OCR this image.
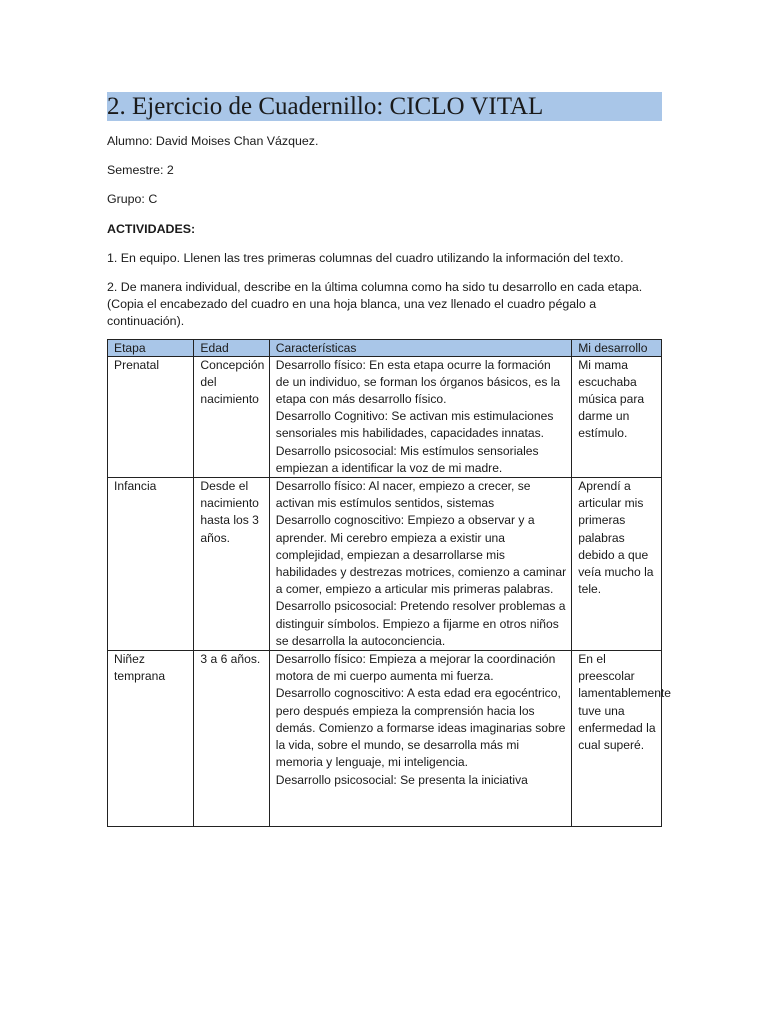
2. Ejercicio de Cuadernillo: CICLO VITAL
Alumno: David Moises Chan Vázquez.
Semestre: 2
Grupo: C
ACTIVIDADES:
1. En equipo. Llenen las tres primeras columnas del cuadro utilizando la información del texto.
2. De manera individual, describe en la última columna como ha sido tu desarrollo en cada etapa. (Copia el encabezado del cuadro en una hoja blanca, una vez llenado el cuadro pégalo a continuación).
Etapa	Edad	Características	Mi desarrollo
Prenatal	Concepción del nacimiento	Desarrollo físico: En esta etapa ocurre la formación de un individuo, se forman los órganos básicos, es la etapa con más desarrollo físico.
Desarrollo Cognitivo: Se activan mis estimulaciones sensoriales mis habilidades, capacidades innatas.
Desarrollo psicosocial: Mis estímulos sensoriales empiezan a identificar la voz de mi madre.	Mi mama escuchaba música para darme un estímulo.
Infancia	Desde el nacimiento hasta los 3 años.	Desarrollo físico: Al nacer, empiezo a crecer, se activan mis estímulos sentidos, sistemas
Desarrollo cognoscitivo: Empiezo a observar y a aprender. Mi cerebro empieza a existir una complejidad, empiezan a desarrollarse mis habilidades y destrezas motrices, comienzo a caminar a comer, empiezo a articular mis primeras palabras.
Desarrollo psicosocial: Pretendo resolver problemas a distinguir símbolos. Empiezo a fijarme en otros niños se desarrolla la autoconciencia.	Aprendí a articular mis primeras palabras debido a que veía mucho la tele.
Niñez temprana	3 a 6 años.	Desarrollo físico: Empieza a mejorar la coordinación motora de mi cuerpo aumenta mi fuerza.
Desarrollo cognoscitivo: A esta edad era egocéntrico, pero después empieza la comprensión hacia los demás. Comienzo a formarse ideas imaginarias sobre la vida, sobre el mundo, se desarrolla más mi memoria y lenguaje, mi inteligencia.
Desarrollo psicosocial: Se presenta la iniciativa	En el preescolar lamentablemente tuve una enfermedad la cual superé.
